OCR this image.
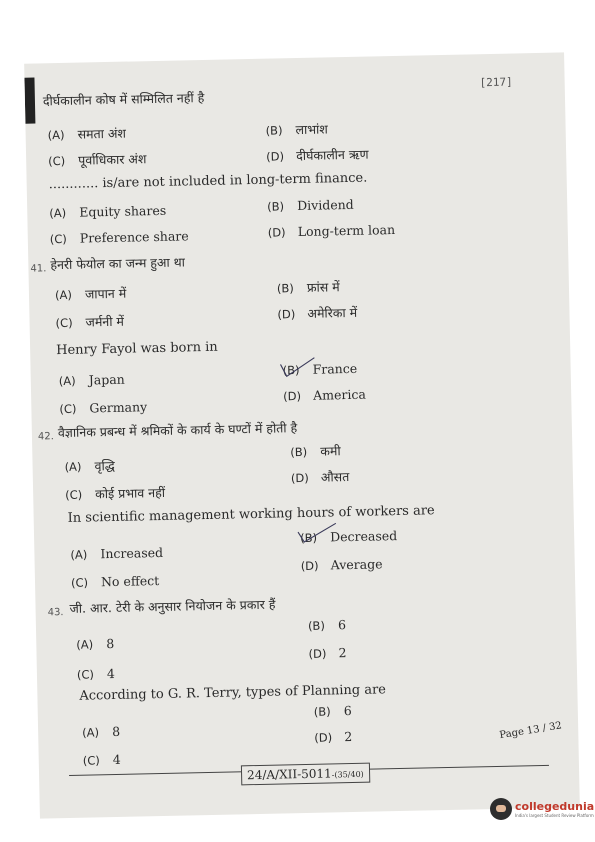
[217]
दीर्घकालीन कोष में सम्मिलित नहीं है
(A) समता अंश	(B) लाभांश
(C) पूर्वाधिकार अंश	(D) दीर्घकालीन ऋण
............ is/are not included in long-term finance.
(A) Equity shares	(B) Dividend
(C) Preference share	(D) Long-term loan
41. हेनरी फेयोल का जन्म हुआ था
(A) जापान में	(B) फ्रांस में
(C) जर्मनी में	(D) अमेरिका में
Henry Fayol was born in
(A) Japan
(B) France
(C) Germany
(D) America
42. वैज्ञानिक प्रबन्ध में श्रमिकों के कार्य के घण्टों में होती है
(A) वृद्धि
(B) कमी
(C) कोई प्रभाव नहीं
(D) औसत
In scientific management working hours of workers are
(A) Increased
(B) Decreased
(C) No effect
(D) Average
43. जी. आर. टेरी के अनुसार नियोजन के प्रकार हैं
(A) 8
(B) 6
(C) 4
(D) 2
According to G. R. Terry, types of Planning are
(A) 8
(B) 6
(C) 4
(D) 2
24/A/XII-5011-(35/40)
Page 13 / 32
collegedunia
India's largest Student Review Platform
